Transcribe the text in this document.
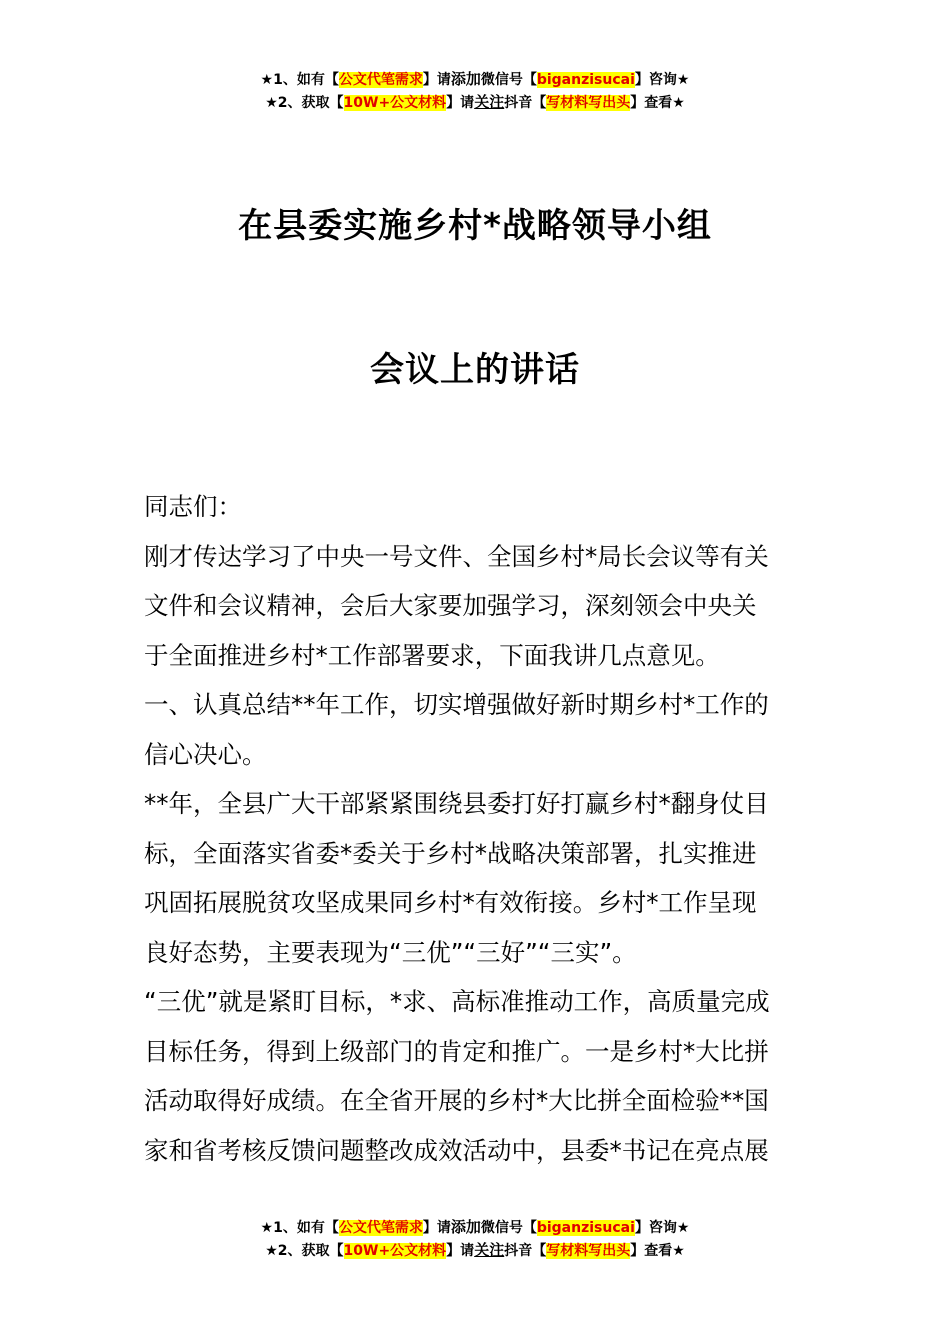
★1、如有【公文代笔需求】请添加微信号【biganzisucai】咨询★
★2、获取【10W+公文材料】请关注抖音【写材料写出头】查看★
在县委实施乡村*战略领导小组
会议上的讲话

同志们：

刚才传达学习了中央一号文件、全国乡村*局长会议等有关

文件和会议精神，会后大家要加强学习，深刻领会中央关

于全面推进乡村*工作部署要求，下面我讲几点意见。

一、认真总结**年工作，切实增强做好新时期乡村*工作的

信心决心。

**年，全县广大干部紧紧围绕县委打好打赢乡村*翻身仗目

标，全面落实省委*委关于乡村*战略决策部署，扎实推进

巩固拓展脱贫攻坚成果同乡村*有效衔接。乡村*工作呈现

良好态势，主要表现为“三优”“三好”“三实”。

“三优”就是紧盯目标，*求、高标准推动工作，高质量完成

目标任务，得到上级部门的肯定和推广。一是乡村*大比拼

活动取得好成绩。在全省开展的乡村*大比拼全面检验**国

家和省考核反馈问题整改成效活动中，县委*书记在亮点展

★1、如有【公文代笔需求】请添加微信号【biganzisucai】咨询★
★2、获取【10W+公文材料】请关注抖音【写材料写出头】查看★
